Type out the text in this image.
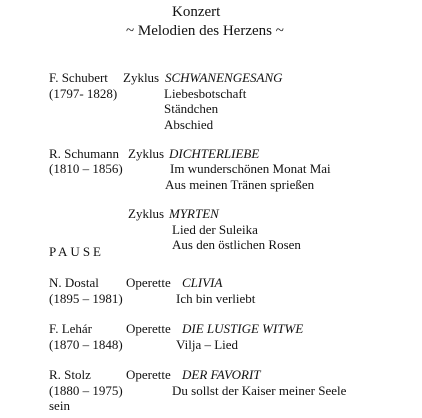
Konzert
~ Melodien des Herzens ~
F. Schubert Zyklus SCHWANENGESANG
(1797- 1828)	Liebesbotschaft
Ständchen
Abschied
R. Schumann Zyklus DICHTERLIEBE
(1810 – 1856)	Im wunderschönen Monat Mai
Aus meinen Tränen sprießen
Zyklus MYRTEN
Lied der Suleika
Aus den östlichen Rosen
PAUSE
N. Dostal Operette CLIVIA
(1895 – 1981)	Ich bin verliebt
F. Lehár	Operette DIE LUSTIGE WITWE
(1870 – 1848)	Vilja – Lied
R. Stolz	Operette DER FAVORIT
(1880 – 1975)	Du sollst der Kaiser meiner Seele
sein
